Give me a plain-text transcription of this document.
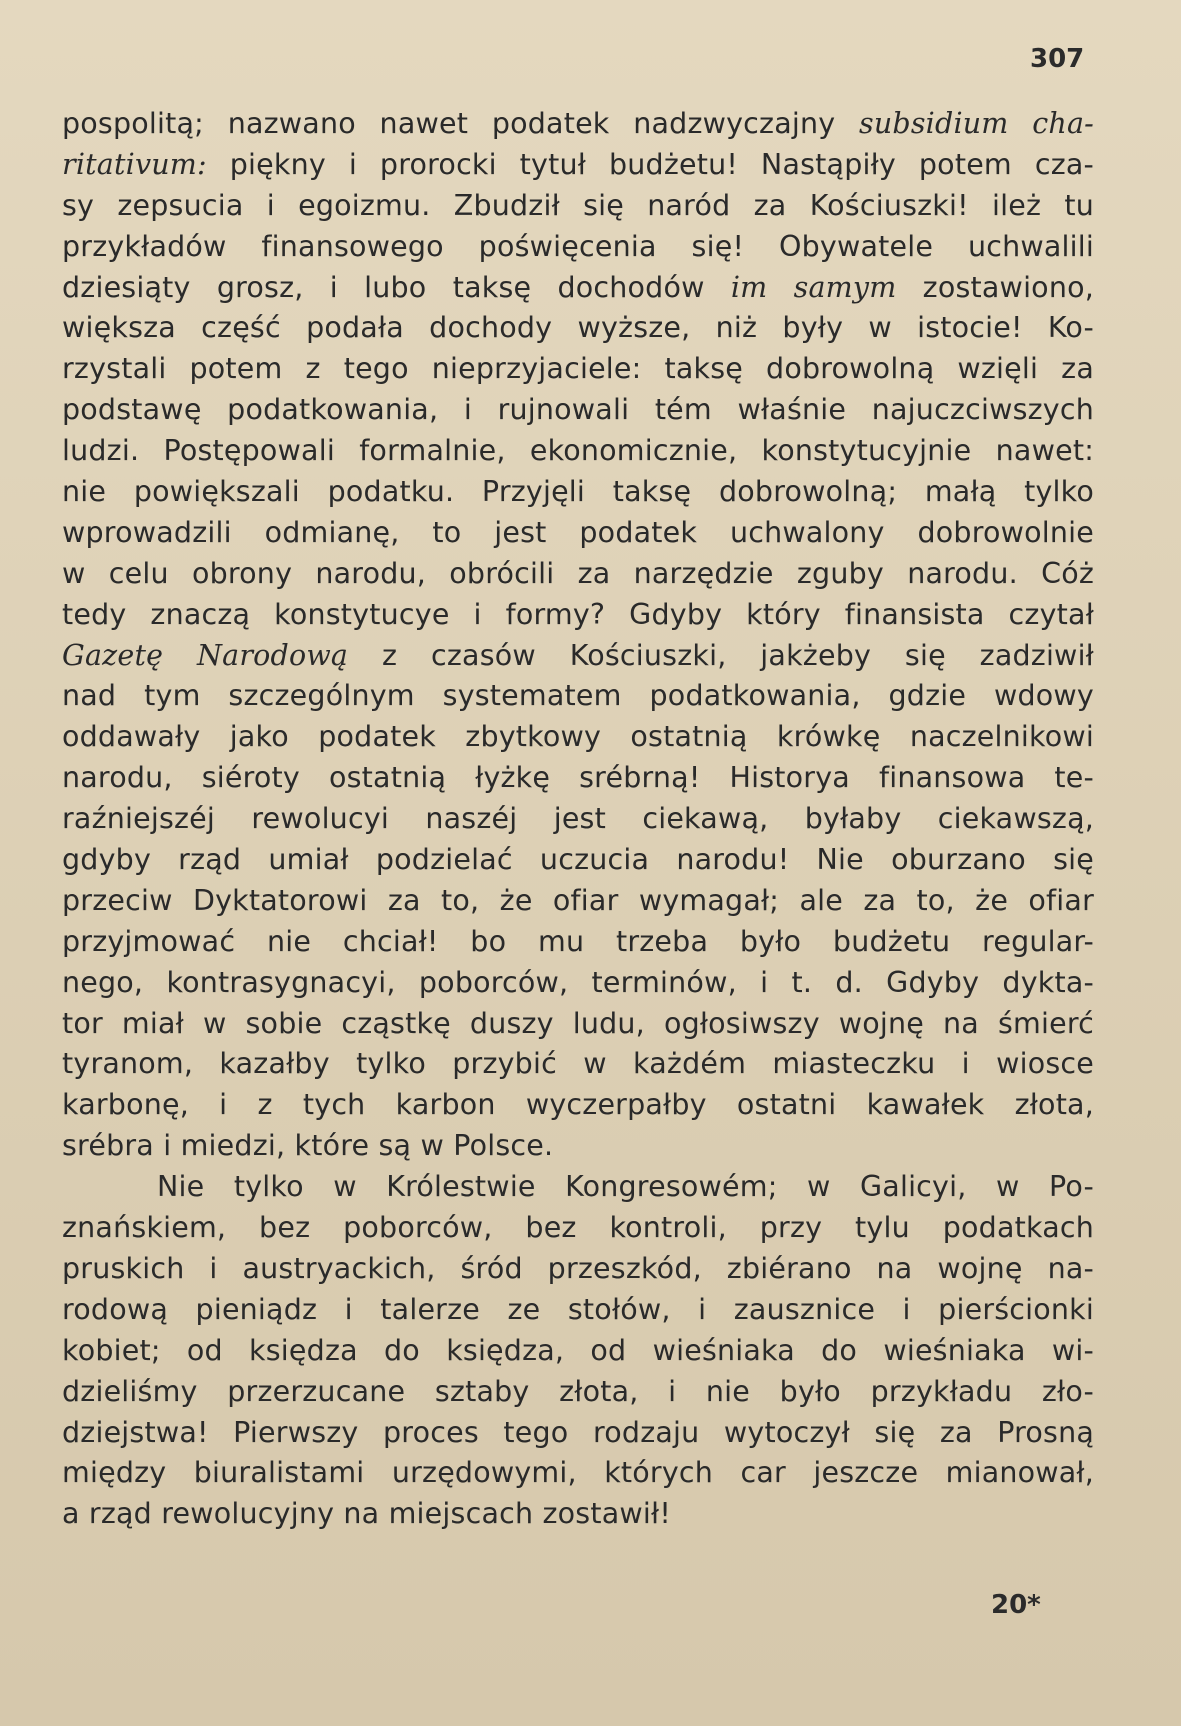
307
pospolitą; nazwano nawet podatek nadzwyczajny subsidium cha-
ritativum: piękny i prorocki tytuł budżetu! Nastąpiły potem cza-
sy zepsucia i egoizmu. Zbudził się naród za Kościuszki! ileż tu
przykładów finansowego poświęcenia się! Obywatele uchwalili
dziesiąty grosz, i lubo taksę dochodów im samym zostawiono,
większa część podała dochody wyższe, niż były w istocie! Ko-
rzystali potem z tego nieprzyjaciele: taksę dobrowolną wzięli za
podstawę podatkowania, i rujnowali tém właśnie najuczciwszych
ludzi. Postępowali formalnie, ekonomicznie, konstytucyjnie nawet:
nie powiększali podatku. Przyjęli taksę dobrowolną; małą tylko
wprowadzili odmianę, to jest podatek uchwalony dobrowolnie
w celu obrony narodu, obrócili za narzędzie zguby narodu. Cóż
tedy znaczą konstytucye i formy? Gdyby który finansista czytał
Gazetę Narodową z czasów Kościuszki, jakżeby się zadziwił
nad tym szczególnym systematem podatkowania, gdzie wdowy
oddawały jako podatek zbytkowy ostatnią krówkę naczelnikowi
narodu, siéroty ostatnią łyżkę srébrną! Historya finansowa te-
raźniejszéj rewolucyi naszéj jest ciekawą, byłaby ciekawszą,
gdyby rząd umiał podzielać uczucia narodu! Nie oburzano się
przeciw Dyktatorowi za to, że ofiar wymagał; ale za to, że ofiar
przyjmować nie chciał! bo mu trzeba było budżetu regular-
nego, kontrasygnacyi, poborców, terminów, i t. d. Gdyby dykta-
tor miał w sobie cząstkę duszy ludu, ogłosiwszy wojnę na śmierć
tyranom, kazałby tylko przybić w każdém miasteczku i wiosce
karbonę, i z tych karbon wyczerpałby ostatni kawałek złota,
srébra i miedzi, które są w Polsce.
Nie tylko w Królestwie Kongresowém; w Galicyi, w Po-
znańskiem, bez poborców, bez kontroli, przy tylu podatkach
pruskich i austryackich, śród przeszkód, zbiérano na wojnę na-
rodową pieniądz i talerze ze stołów, i zausznice i pierścionki
kobiet; od księdza do księdza, od wieśniaka do wieśniaka wi-
dzieliśmy przerzucane sztaby złota, i nie było przykładu zło-
dziejstwa! Pierwszy proces tego rodzaju wytoczył się za Prosną
między biuralistami urzędowymi, których car jeszcze mianował,
a rząd rewolucyjny na miejscach zostawił!
20*
